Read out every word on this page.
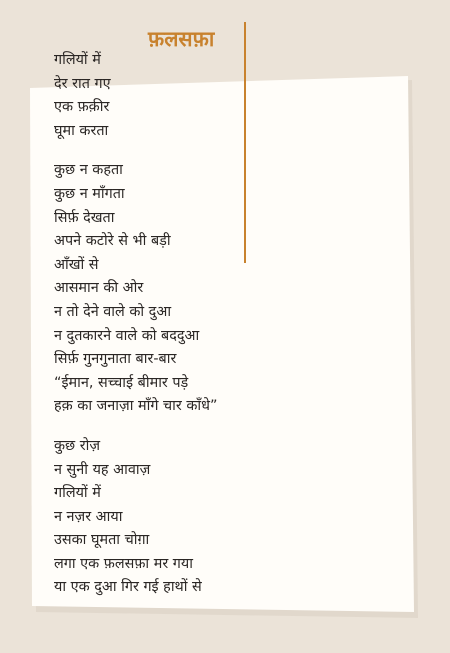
फ़लसफ़ा
गलियों में
देर रात गए
एक फ़क़ीर
घूमा करता
कुछ न कहता
कुछ न माँगता
सिर्फ़ देखता
अपने कटोरे से भी बड़ी
आँखों से
आसमान की ओर
न तो देने वाले को दुआ
न दुतकारने वाले को बददुआ
सिर्फ़ गुनगुनाता बार-बार
“ईमान, सच्चाई बीमार पड़े
हक़ का जनाज़ा माँगे चार काँधे”
कुछ रोज़
न सुनी यह आवाज़
गलियों में
न नज़र आया
उसका घूमता चोग़ा
लगा एक फ़लसफ़ा मर गया
या एक दुआ गिर गई हाथों से
